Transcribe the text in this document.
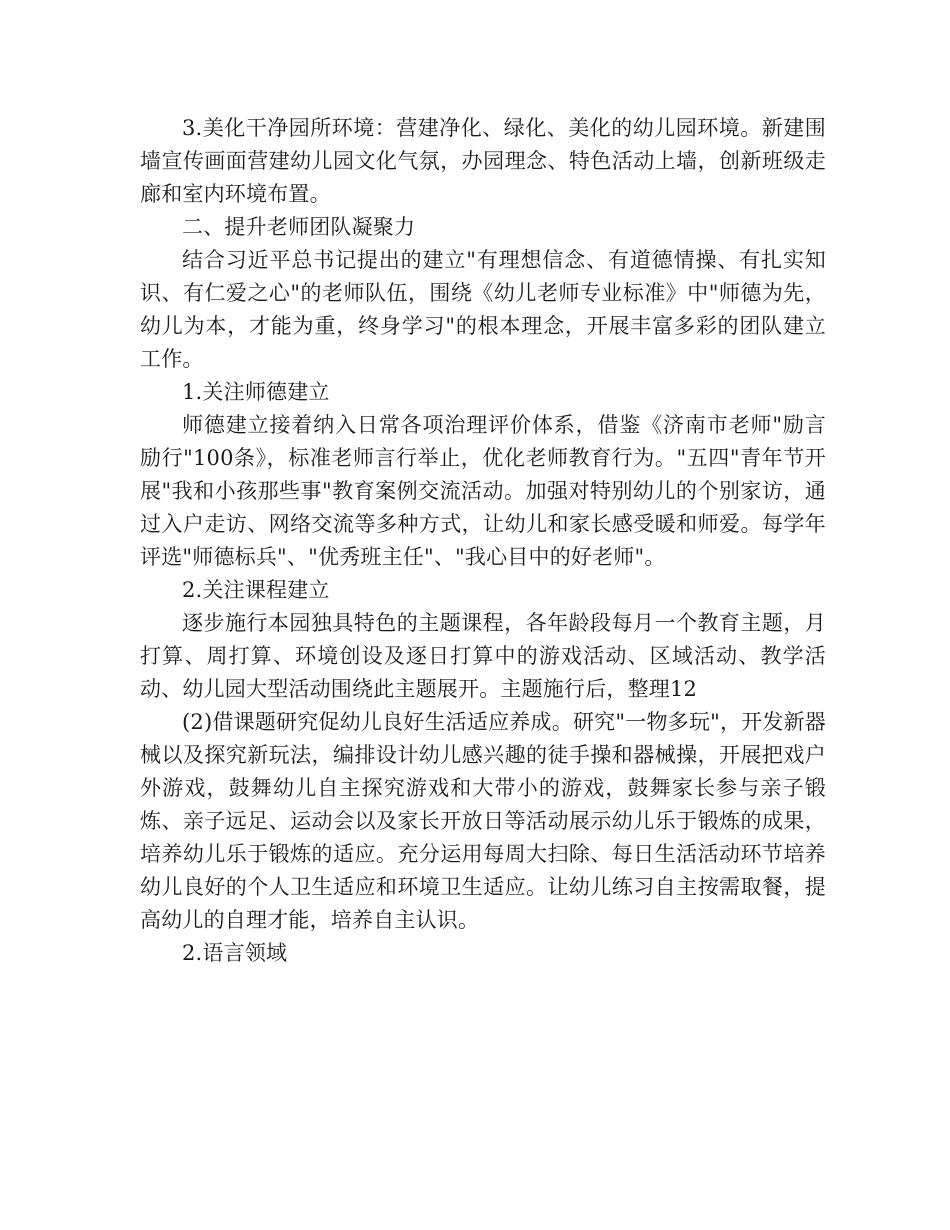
3.美化干净园所环境：营建净化、绿化、美化的幼儿园环境。新建围墙宣传画面营建幼儿园文化气氛，办园理念、特色活动上墙，创新班级走廊和室内环境布置。

二、提升老师团队凝聚力

结合习近平总书记提出的建立"有理想信念、有道德情操、有扎实知识、有仁爱之心"的老师队伍，围绕《幼儿老师专业标准》中"师德为先，幼儿为本，才能为重，终身学习"的根本理念，开展丰富多彩的团队建立工作。

1.关注师德建立

师德建立接着纳入日常各项治理评价体系，借鉴《济南市老师"励言励行"100条》，标准老师言行举止，优化老师教育行为。"五四"青年节开展"我和小孩那些事"教育案例交流活动。加强对特别幼儿的个别家访，通过入户走访、网络交流等多种方式，让幼儿和家长感受暖和师爱。每学年评选"师德标兵"、"优秀班主任"、"我心目中的好老师"。

2.关注课程建立

逐步施行本园独具特色的主题课程，各年龄段每月一个教育主题，月打算、周打算、环境创设及逐日打算中的游戏活动、区域活动、教学活动、幼儿园大型活动围绕此主题展开。主题施行后，整理12

(2)借课题研究促幼儿良好生活适应养成。研究"一物多玩"，开发新器械以及探究新玩法，编排设计幼儿感兴趣的徒手操和器械操，开展把戏户外游戏，鼓舞幼儿自主探究游戏和大带小的游戏，鼓舞家长参与亲子锻炼、亲子远足、运动会以及家长开放日等活动展示幼儿乐于锻炼的成果，培养幼儿乐于锻炼的适应。充分运用每周大扫除、每日生活活动环节培养幼儿良好的个人卫生适应和环境卫生适应。让幼儿练习自主按需取餐，提高幼儿的自理才能，培养自主认识。

2.语言领域
